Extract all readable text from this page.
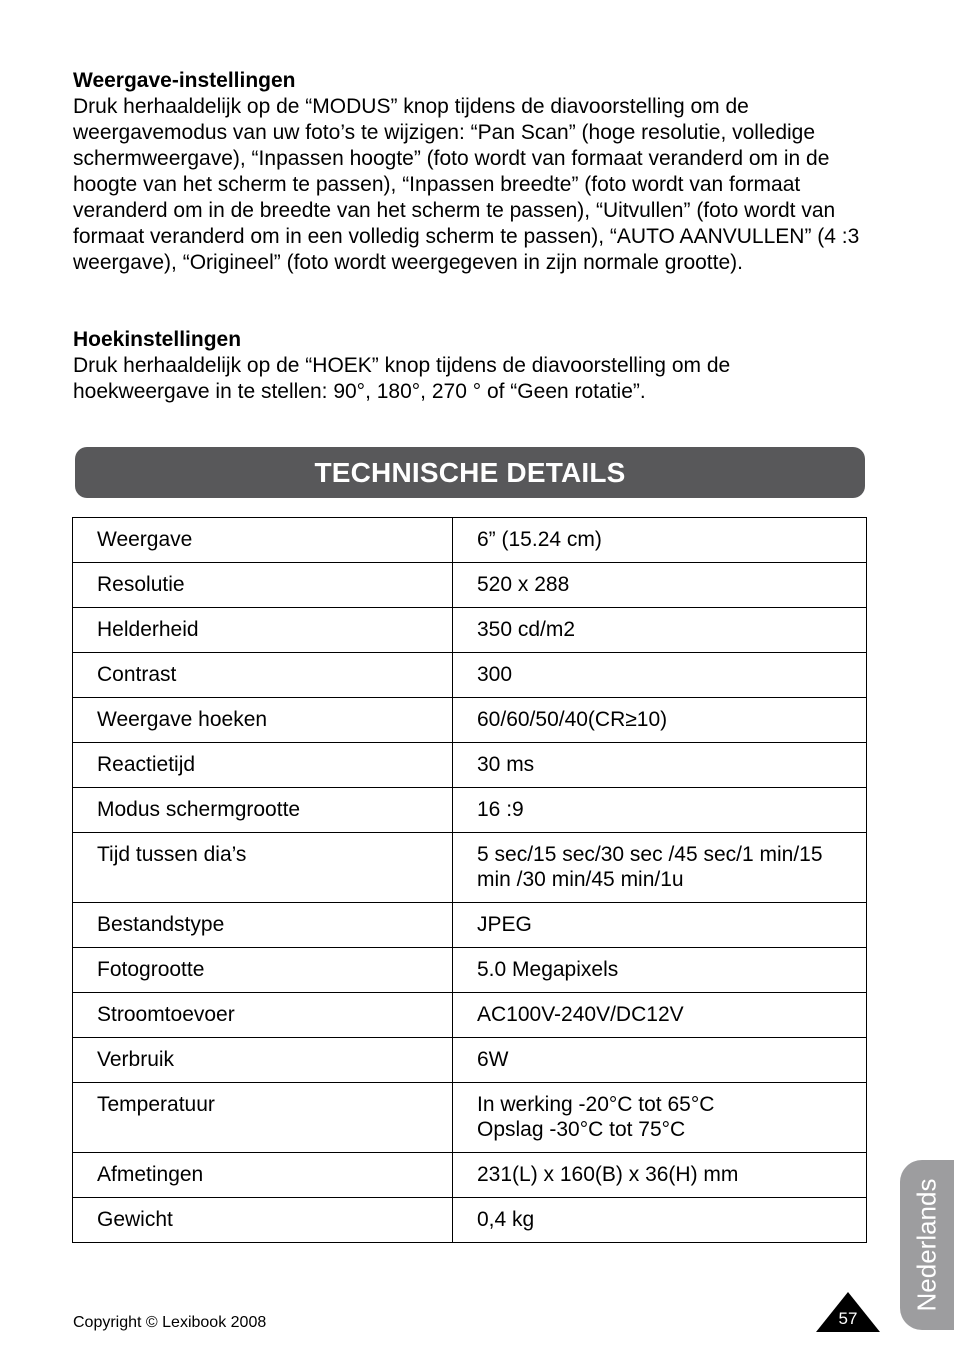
Weergave-instellingen

Druk herhaaldelijk op de “MODUS” knop tijdens de diavoorstelling om de weergavemodus van uw foto’s te wijzigen: “Pan Scan” (hoge resolutie, volledige schermweergave), “Inpassen hoogte” (foto wordt van formaat veranderd om in de hoogte van het scherm te passen), “Inpassen breedte” (foto wordt van formaat veranderd om in de breedte van het scherm te passen), “Uitvullen” (foto wordt van formaat veranderd om in een volledig scherm te passen), “AUTO AANVULLEN” (4 :3 weergave), “Origineel” (foto wordt weergegeven in zijn normale grootte).

Hoekinstellingen

Druk herhaaldelijk op de “HOEK” knop tijdens de diavoorstelling om de hoekweergave in te stellen: 90°, 180°, 270 ° of “Geen rotatie”.

TECHNISCHE DETAILS
Weergave	6” (15.24 cm)
Resolutie	520 x 288
Helderheid	350 cd/m2
Contrast	300
Weergave hoeken	60/60/50/40(CR≥10)
Reactietijd	30 ms
Modus schermgrootte	16 :9
Tijd tussen dia’s	5 sec/15 sec/30 sec /45 sec/1 min/15 min /30 min/45 min/1u
Bestandstype	JPEG
Fotogrootte	5.0 Megapixels
Stroomtoevoer	AC100V-240V/DC12V
Verbruik	6W
Temperatuur	In werking -20°C tot 65°C
Opslag -30°C tot 75°C
Afmetingen	231(L) x 160(B) x 36(H) mm
Gewicht	0,4 kg
Copyright © Lexibook 2008	57
Nederlands
